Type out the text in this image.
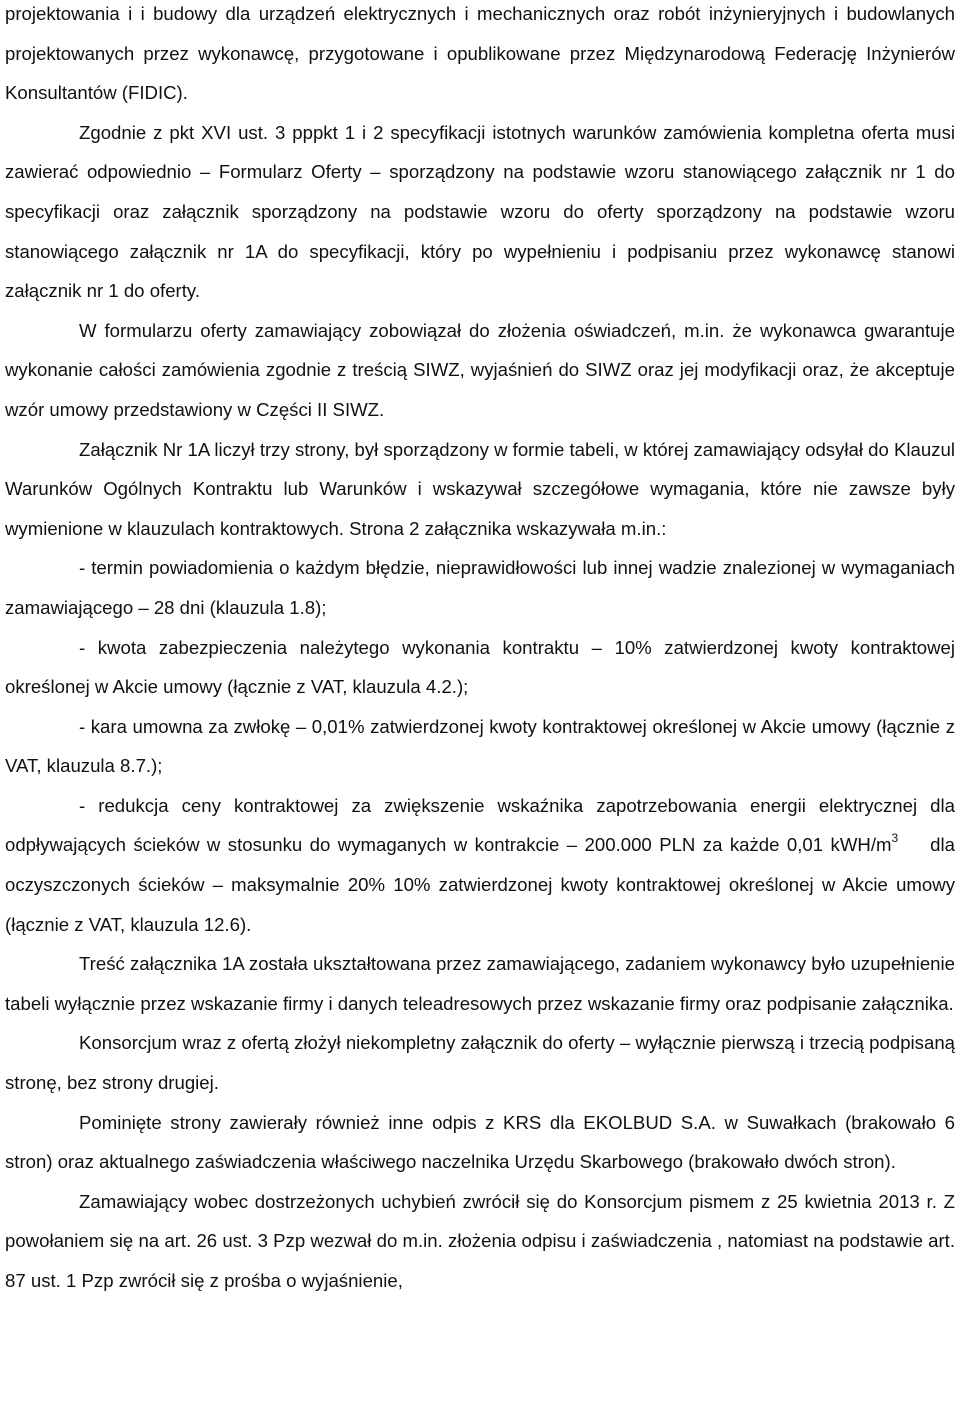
projektowania i i budowy dla urządzeń elektrycznych i mechanicznych oraz robót inżynieryjnych i budowlanych projektowanych przez wykonawcę, przygotowane i opublikowane przez Międzynarodową Federację Inżynierów Konsultantów (FIDIC).

Zgodnie z pkt XVI ust. 3 pppkt 1 i 2 specyfikacji istotnych warunków zamówienia kompletna oferta musi zawierać odpowiednio – Formularz Oferty – sporządzony na podstawie wzoru stanowiącego załącznik nr 1 do specyfikacji oraz załącznik sporządzony na podstawie wzoru do oferty sporządzony na podstawie wzoru stanowiącego załącznik nr 1A do specyfikacji, który po wypełnieniu i podpisaniu przez wykonawcę stanowi załącznik nr 1 do oferty.

W formularzu oferty zamawiający zobowiązał do złożenia oświadczeń, m.in. że wykonawca gwarantuje wykonanie całości zamówienia zgodnie z treścią SIWZ, wyjaśnień do SIWZ oraz jej modyfikacji oraz, że akceptuje wzór umowy przedstawiony w Części II SIWZ.

Załącznik Nr 1A liczył trzy strony, był sporządzony w formie tabeli, w której zamawiający odsyłał do Klauzul Warunków Ogólnych Kontraktu lub Warunków i wskazywał szczegółowe wymagania, które nie zawsze były wymienione w klauzulach kontraktowych. Strona 2 załącznika wskazywała m.in.:

- termin powiadomienia o każdym błędzie, nieprawidłowości lub innej wadzie znalezionej w wymaganiach zamawiającego – 28 dni (klauzula 1.8);

- kwota zabezpieczenia należytego wykonania kontraktu – 10% zatwierdzonej kwoty kontraktowej określonej w Akcie umowy (łącznie z VAT, klauzula 4.2.);

- kara umowna za zwłokę – 0,01% zatwierdzonej kwoty kontraktowej określonej w Akcie umowy (łącznie z VAT, klauzula 8.7.);

- redukcja ceny kontraktowej za zwiększenie wskaźnika zapotrzebowania energii elektrycznej dla odpływających ścieków w stosunku do wymaganych w kontrakcie – 200.000 PLN za każde 0,01 kWH/$m^3$ dla oczyszczonych ścieków – maksymalnie 20% 10% zatwierdzonej kwoty kontraktowej określonej w Akcie umowy (łącznie z VAT, klauzula 12.6).

Treść załącznika 1A została ukształtowana przez zamawiającego, zadaniem wykonawcy było uzupełnienie tabeli wyłącznie przez wskazanie firmy i danych teleadresowych przez wskazanie firmy oraz podpisanie załącznika.

Konsorcjum wraz z ofertą złożył niekompletny załącznik do oferty – wyłącznie pierwszą i trzecią podpisaną stronę, bez strony drugiej.

Pominięte strony zawierały również inne odpis z KRS dla EKOLBUD S.A. w Suwałkach (brakowało 6 stron) oraz aktualnego zaświadczenia właściwego naczelnika Urzędu Skarbowego (brakowało dwóch stron).

Zamawiający wobec dostrzeżonych uchybień zwrócił się do Konsorcjum pismem z 25 kwietnia 2013 r. Z powołaniem się na art. 26 ust. 3 Pzp wezwał do m.in. złożenia odpisu i zaświadczenia , natomiast na podstawie art. 87 ust. 1 Pzp zwrócił się z prośba o wyjaśnienie,
